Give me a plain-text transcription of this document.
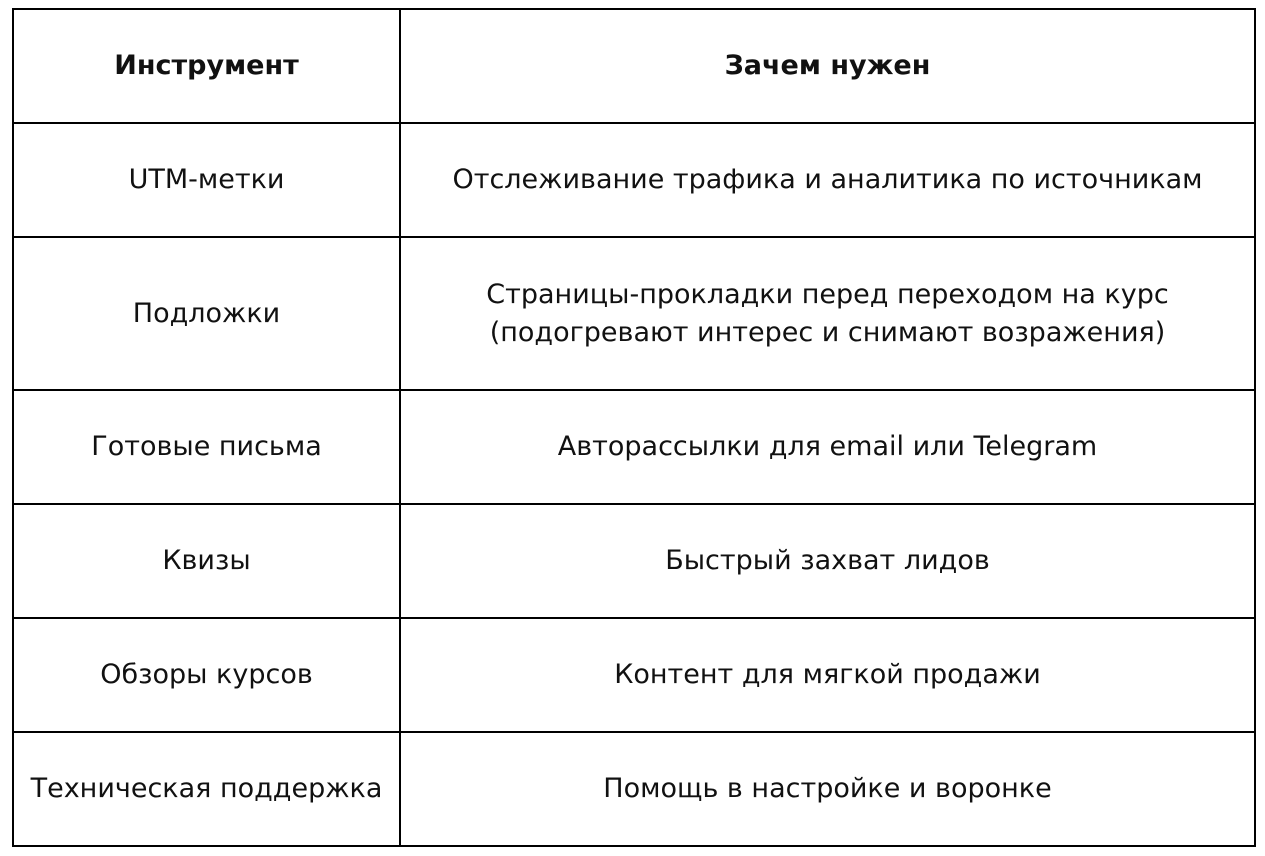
Инструмент	Зачем нужен
UTM-метки	Отслеживание трафика и аналитика по источникам

Подложки	Страницы-прокладки перед переходом на курс
(подогревают интерес и снимают возражения)

Готовые письма	Авторассылки для email или Telegram

Квизы	Быстрый захват лидов

Обзоры курсов	Контент для мягкой продажи

Техническая поддержка	Помощь в настройке и воронке
